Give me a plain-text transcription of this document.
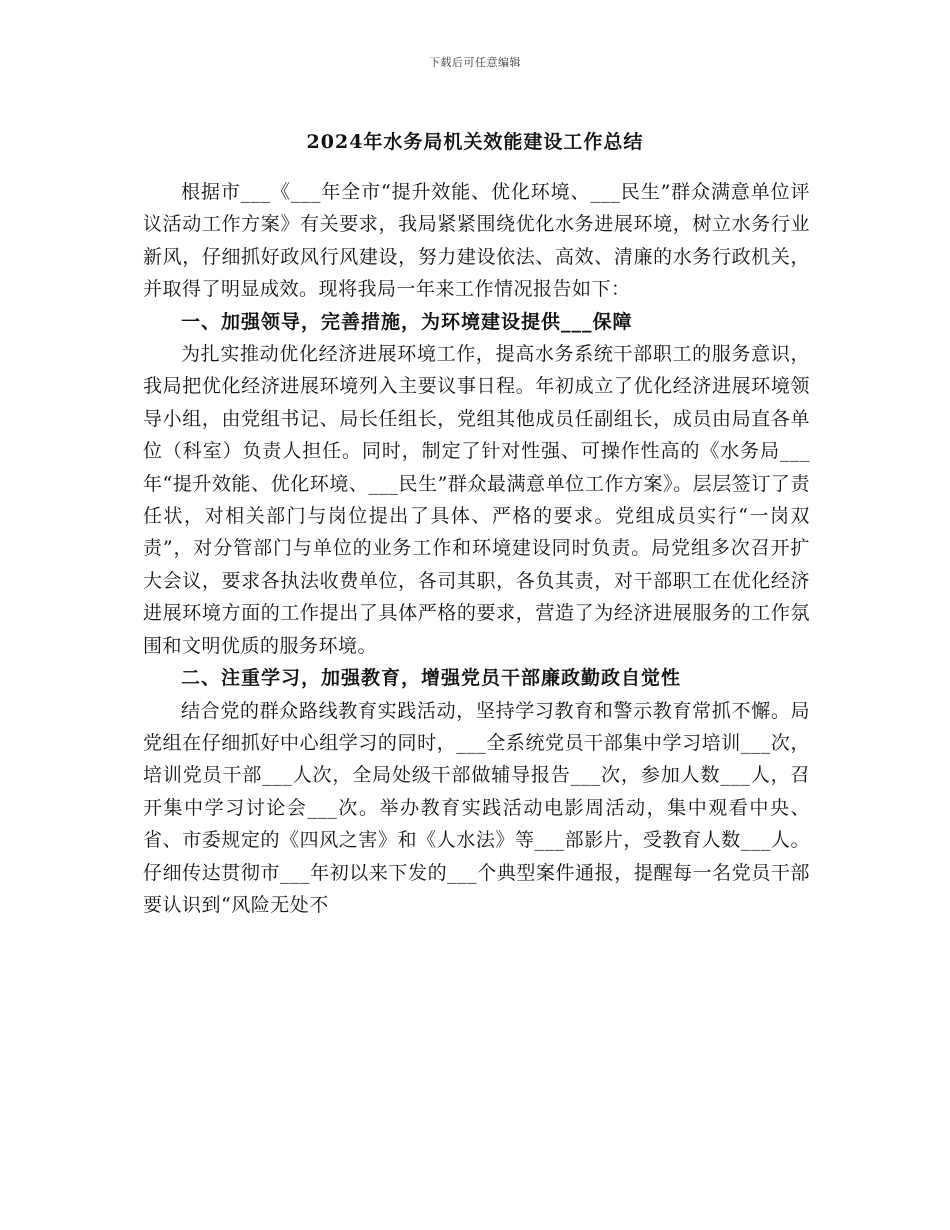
下载后可任意编辑
2024年水务局机关效能建设工作总结

根据市___《___年全市“提升效能、优化环境、___民生”群众满意单位评议活动工作方案》有关要求，我局紧紧围绕优化水务进展环境，树立水务行业新风，仔细抓好政风行风建设，努力建设依法、高效、清廉的水务行政机关，并取得了明显成效。现将我局一年来工作情况报告如下：

一、加强领导，完善措施，为环境建设提供___保障

为扎实推动优化经济进展环境工作，提高水务系统干部职工的服务意识，我局把优化经济进展环境列入主要议事日程。年初成立了优化经济进展环境领导小组，由党组书记、局长任组长，党组其他成员任副组长，成员由局直各单位（科室）负责人担任。同时，制定了针对性强、可操作性高的《水务局___年“提升效能、优化环境、___民生”群众最满意单位工作方案》。层层签订了责任状，对相关部门与岗位提出了具体、严格的要求。党组成员实行“一岗双责”，对分管部门与单位的业务工作和环境建设同时负责。局党组多次召开扩大会议，要求各执法收费单位，各司其职，各负其责，对干部职工在优化经济进展环境方面的工作提出了具体严格的要求，营造了为经济进展服务的工作氛围和文明优质的服务环境。

二、注重学习，加强教育，增强党员干部廉政勤政自觉性

结合党的群众路线教育实践活动，坚持学习教育和警示教育常抓不懈。局党组在仔细抓好中心组学习的同时，___全系统党员干部集中学习培训___次，培训党员干部___人次，全局处级干部做辅导报告___次，参加人数___人，召开集中学习讨论会___次。举办教育实践活动电影周活动，集中观看中央、省、市委规定的《四风之害》和《人水法》等___部影片，受教育人数___人。仔细传达贯彻市___年初以来下发的___个典型案件通报，提醒每一名党员干部要认识到“风险无处不
